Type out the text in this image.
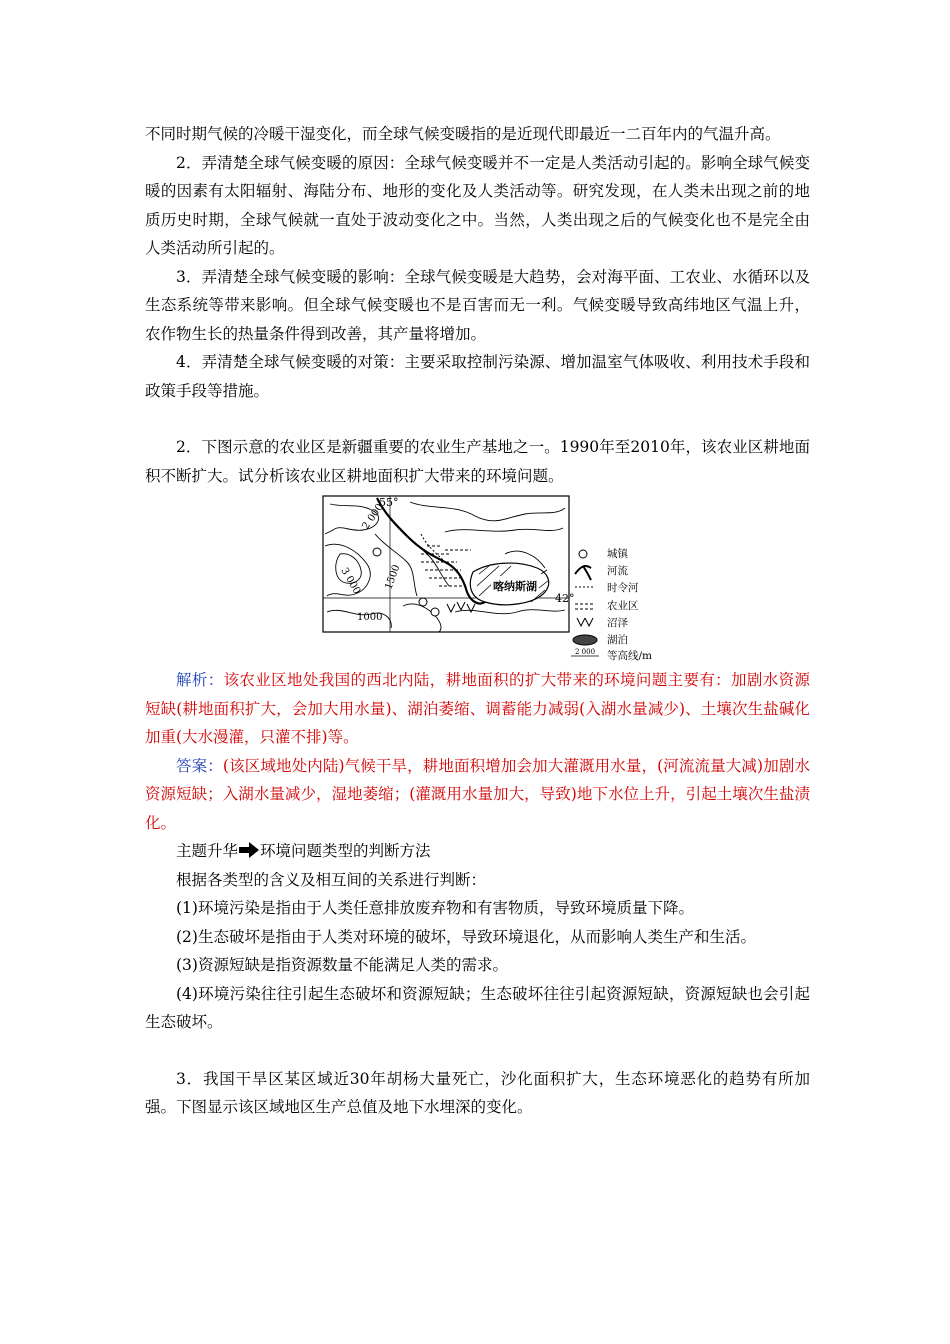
不同时期气候的冷暖干湿变化，而全球气候变暖指的是近现代即最近一二百年内的气温升高。

2．弄清楚全球气候变暖的原因：全球气候变暖并不一定是人类活动引起的。影响全球气候变暖的因素有太阳辐射、海陆分布、地形的变化及人类活动等。研究发现，在人类未出现之前的地质历史时期，全球气候就一直处于波动变化之中。当然，人类出现之后的气候变化也不是完全由人类活动所引起的。

3．弄清楚全球气候变暖的影响：全球气候变暖是大趋势，会对海平面、工农业、水循环以及生态系统等带来影响。但全球气候变暖也不是百害而无一利。气候变暖导致高纬地区气温上升，农作物生长的热量条件得到改善，其产量将增加。

4．弄清楚全球气候变暖的对策：主要采取控制污染源、增加温室气体吸收、利用技术手段和政策手段等措施。

2．下图示意的农业区是新疆重要的农业生产基地之一。1990年至2010年，该农业区耕地面积不断扩大。试分析该农业区耕地面积扩大带来的环境问题。

55°
42°
2 000
3 000 1500
1000
喀纳斯湖
城镇
河流
时令河
农业区
沼泽
湖泊
2 000 等高线/m

解析：该农业区地处我国的西北内陆，耕地面积的扩大带来的环境问题主要有：加剧水资源短缺(耕地面积扩大，会加大用水量)、湖泊萎缩、调蓄能力减弱(入湖水量减少)、土壤次生盐碱化加重(大水漫灌，只灌不排)等。

答案：(该区域地处内陆)气候干旱，耕地面积增加会加大灌溉用水量，(河流流量大减)加剧水资源短缺；入湖水量减少，湿地萎缩；(灌溉用水量加大，导致)地下水位上升，引起土壤次生盐渍化。

主题升华 环境问题类型的判断方法

根据各类型的含义及相互间的关系进行判断：

(1)环境污染是指由于人类任意排放废弃物和有害物质，导致环境质量下降。

(2)生态破坏是指由于人类对环境的破坏，导致环境退化，从而影响人类生产和生活。

(3)资源短缺是指资源数量不能满足人类的需求。

(4)环境污染往往引起生态破坏和资源短缺；生态破坏往往引起资源短缺，资源短缺也会引起生态破坏。

3．我国干旱区某区域近30年胡杨大量死亡，沙化面积扩大，生态环境恶化的趋势有所加强。下图显示该区域地区生产总值及地下水埋深的变化。
